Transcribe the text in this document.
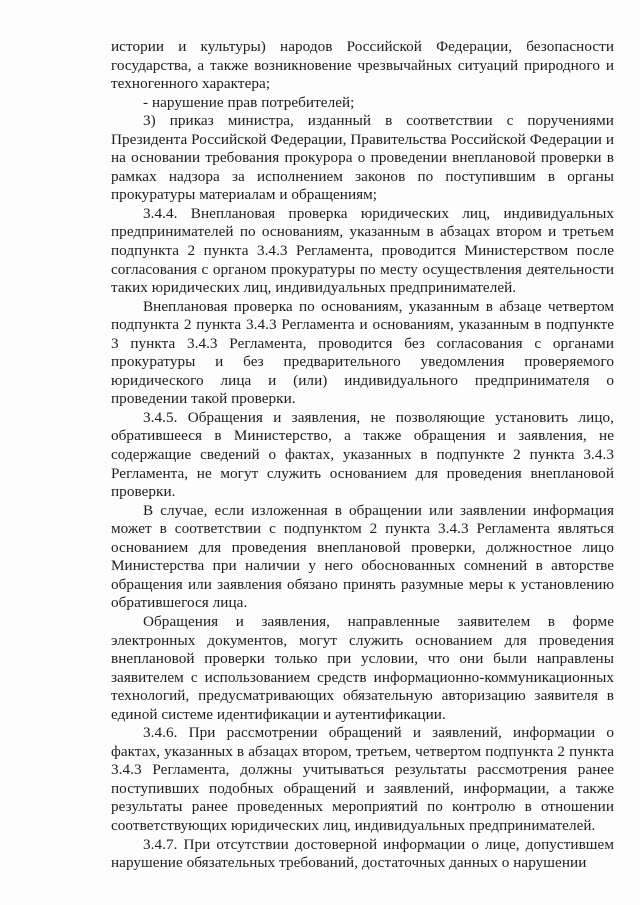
истории и культуры) народов Российской Федерации, безопасности государства, а также возникновение чрезвычайных ситуаций природного и техногенного характера;

- нарушение прав потребителей;

3) приказ министра, изданный в соответствии с поручениями Президента Российской Федерации, Правительства Российской Федерации и на основании требования прокурора о проведении внеплановой проверки в рамках надзора за исполнением законов по поступившим в органы прокуратуры материалам и обращениям;

3.4.4. Внеплановая проверка юридических лиц, индивидуальных предпринимателей по основаниям, указанным в абзацах втором и третьем подпункта 2 пункта 3.4.3 Регламента, проводится Министерством после согласования с органом прокуратуры по месту осуществления деятельности таких юридических лиц, индивидуальных предпринимателей.

Внеплановая проверка по основаниям, указанным в абзаце четвертом подпункта 2 пункта 3.4.3 Регламента и основаниям, указанным в подпункте 3 пункта 3.4.3 Регламента, проводится без согласования с органами прокуратуры и без предварительного уведомления проверяемого юридического лица и (или) индивидуального предпринимателя о проведении такой проверки.

3.4.5. Обращения и заявления, не позволяющие установить лицо, обратившееся в Министерство, а также обращения и заявления, не содержащие сведений о фактах, указанных в подпункте 2 пункта 3.4.3 Регламента, не могут служить основанием для проведения внеплановой проверки.

В случае, если изложенная в обращении или заявлении информация может в соответствии с подпунктом 2 пункта 3.4.3 Регламента являться основанием для проведения внеплановой проверки, должностное лицо Министерства при наличии у него обоснованных сомнений в авторстве обращения или заявления обязано принять разумные меры к установлению обратившегося лица.

Обращения и заявления, направленные заявителем в форме электронных документов, могут служить основанием для проведения внеплановой проверки только при условии, что они были направлены заявителем с использованием средств информационно-коммуникационных технологий, предусматривающих обязательную авторизацию заявителя в единой системе идентификации и аутентификации.

3.4.6. При рассмотрении обращений и заявлений, информации о фактах, указанных в абзацах втором, третьем, четвертом подпункта 2 пункта 3.4.3 Регламента, должны учитываться результаты рассмотрения ранее поступивших подобных обращений и заявлений, информации, а также результаты ранее проведенных мероприятий по контролю в отношении соответствующих юридических лиц, индивидуальных предпринимателей.

3.4.7. При отсутствии достоверной информации о лице, допустившем нарушение обязательных требований, достаточных данных о нарушении
